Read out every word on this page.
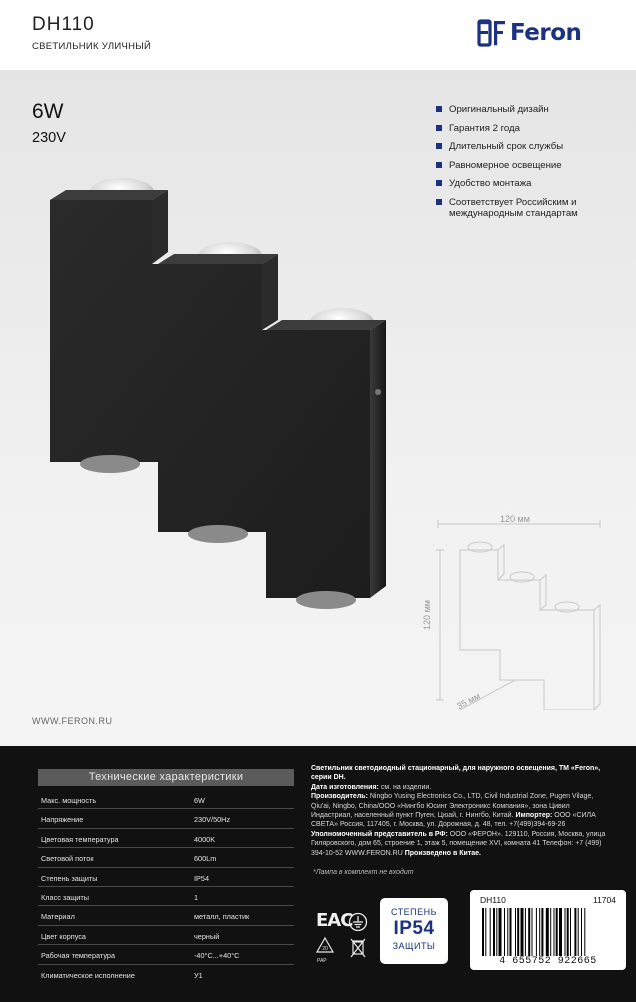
DH110
СВЕТИЛЬНИК УЛИЧНЫЙ
Feron
6W
230V
Оригинальный дизайн
Гарантия 2 года
Длительный срок службы
Равномерное освещение
Удобство монтажа
Соответствует Российским и международным стандартам
WWW.FERON.RU
120 мм
120 мм
35 мм
Технические характеристики
Макс. мощность	6W
Напряжение	230V/50Hz
Цветовая температура	4000K
Световой поток	600Lm
Степень защиты	IP54
Класс защиты	1
Материал	металл, пластик
Цвет корпуса	черный
Рабочая температура	-40°C...+40°C
Климатическое исполнение	У1

Светильник светодиодный стационарный, для наружного освещения, ТМ «Feron», серии DH.

Дата изготовления: см. на изделии.

Производитель: Ningbo Yusing Electronics Co., LTD, Civil Industrial Zone, Pugen Vilage, Qiu'ai, Ningbo, China/ООО «Нингбо Юсинг Электроникс Компания», зона Цивил Индастриал, населенный пункт Пуген, Цюай, г. Нингбо, Китай. Импортер: ООО «СИЛА СВЕТА» Россия, 117405, г. Москва, ул. Дорожная, д. 48, тел. +7(499)394-69-26 Уполномоченный представитель в РФ: ООО «ФЕРОН». 129110, Россия, Москва, улица Гиляровского, дом 65, строение 1, этаж 5, помещение XVI, комната 41 Телефон: +7 (499) 394-10-52 WWW.FERON.RU Произведено в Китае.

*Лампа в комплект не входит
EAC
20
PAP
СТЕПЕНЬ
IP54
ЗАЩИТЫ
DH110	11704
4 655752 922665
